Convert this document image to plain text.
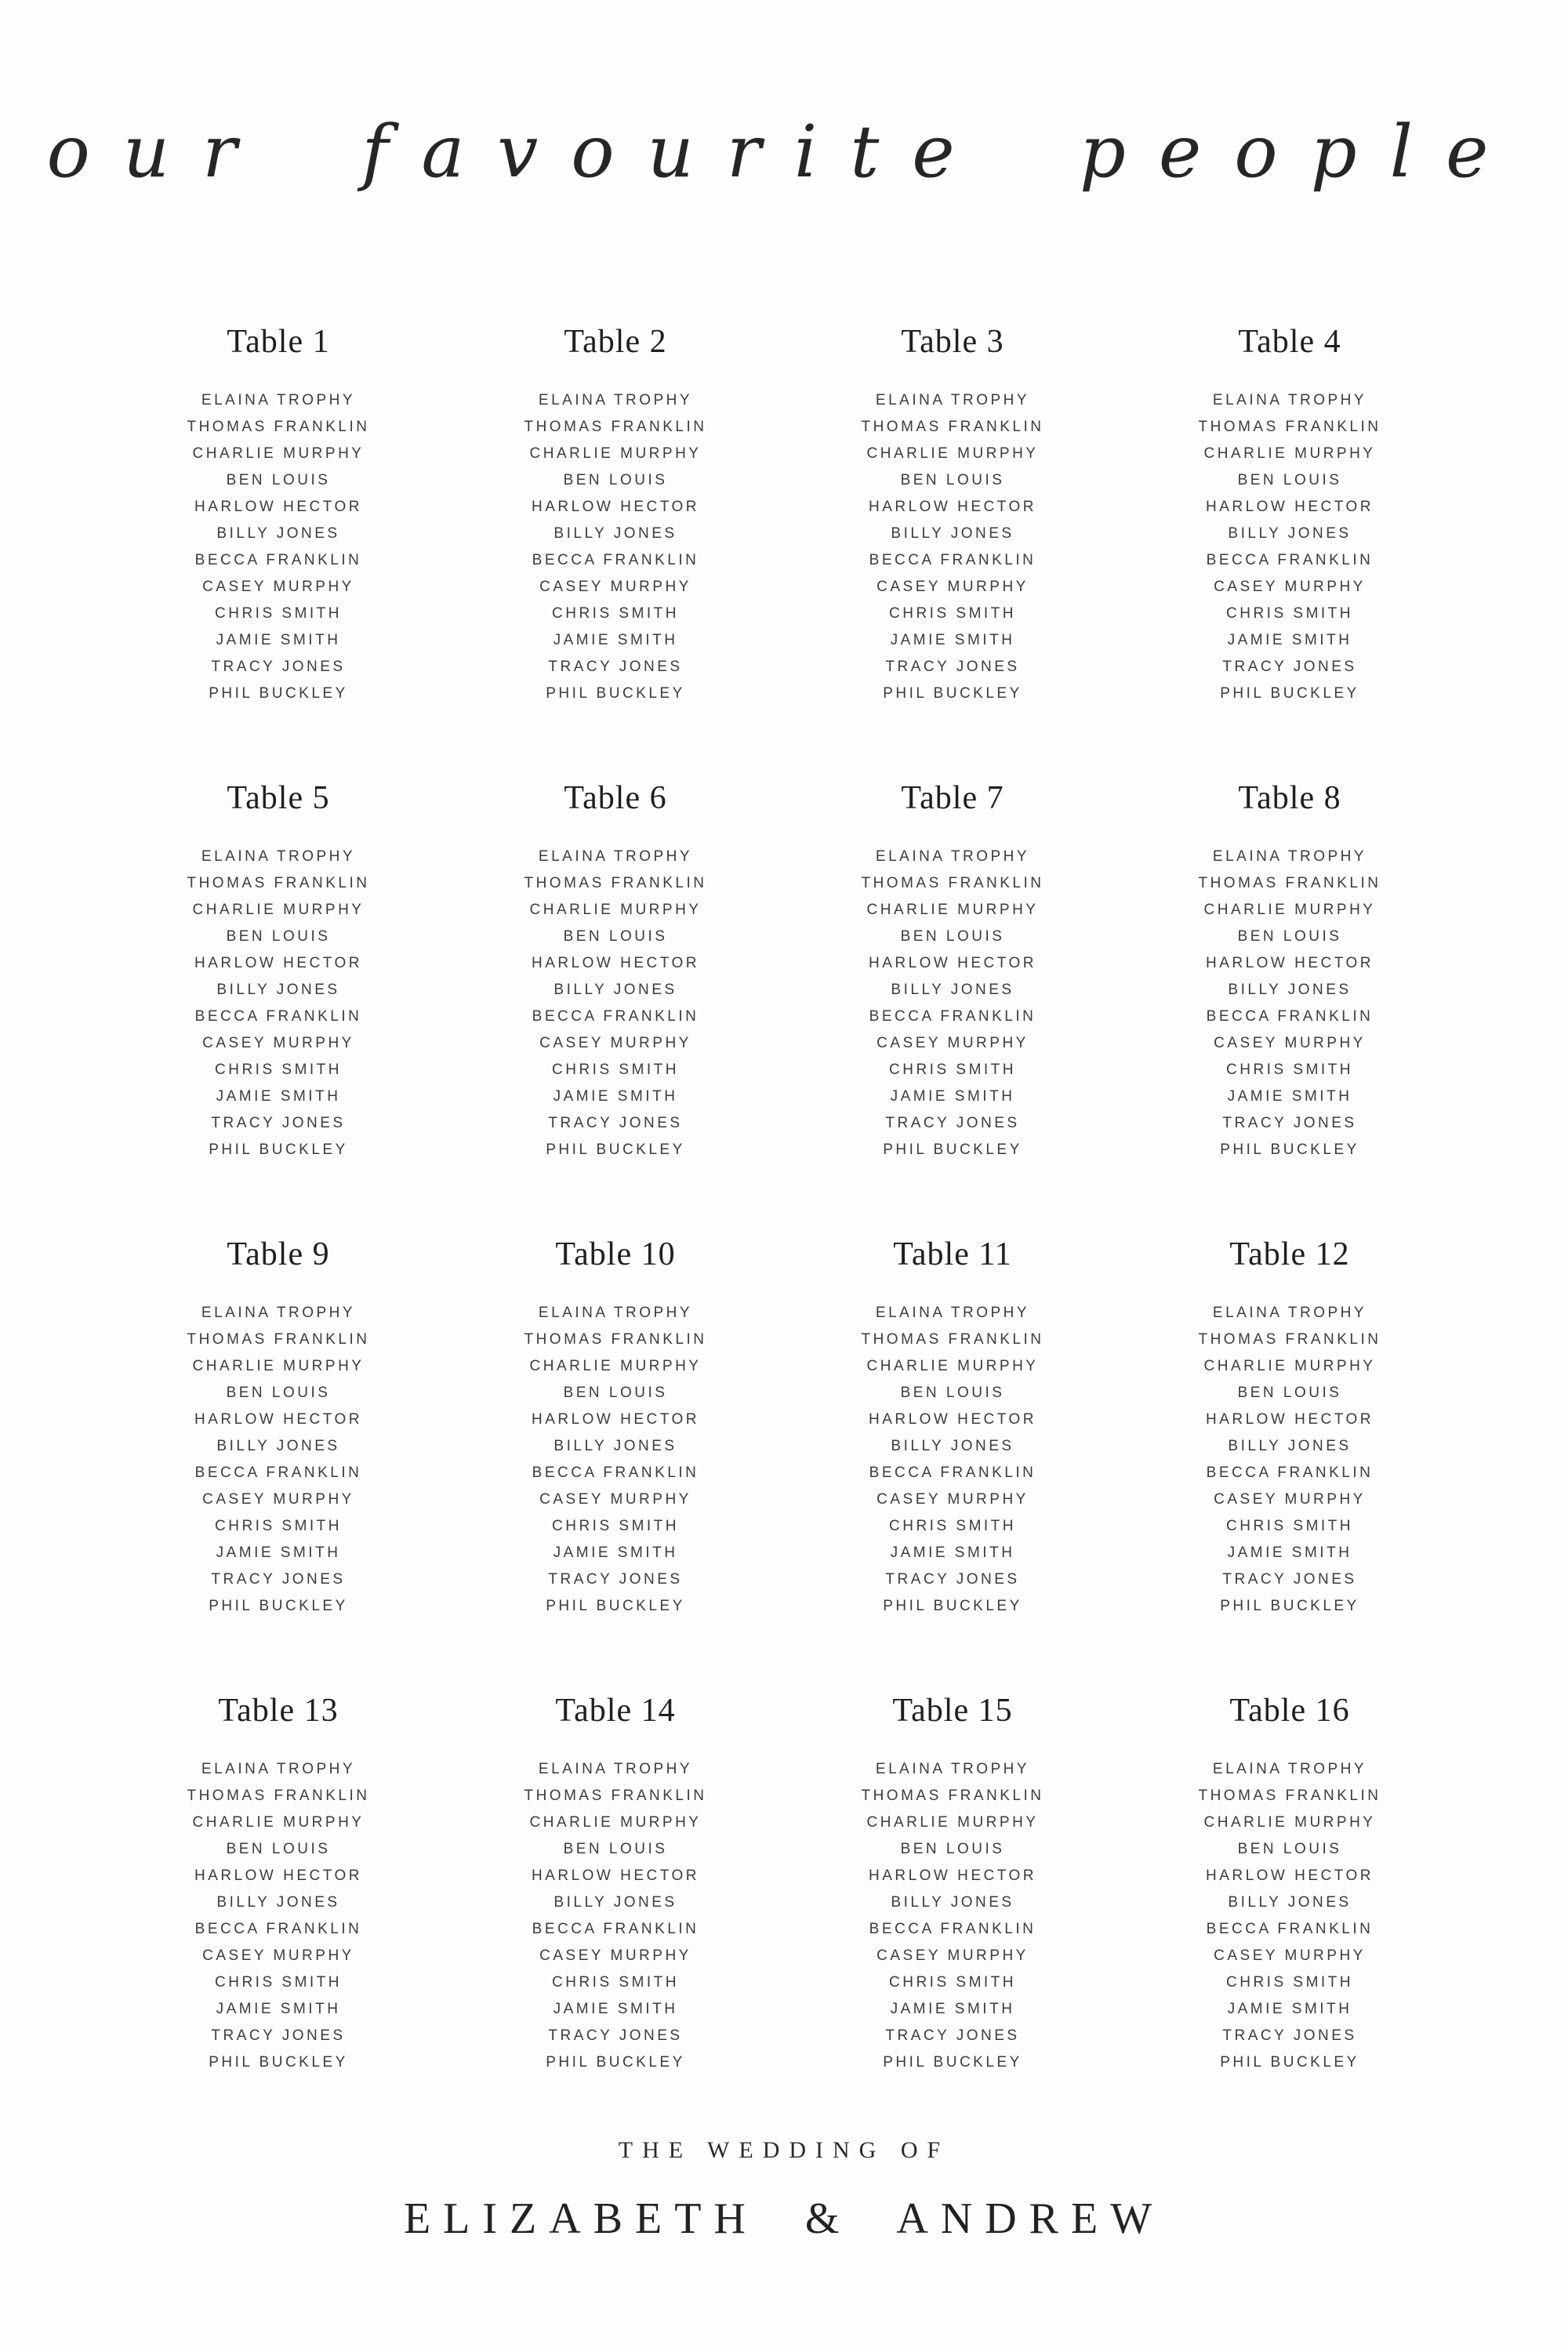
our favourite people
Table 1
ELAINA TROPHY
THOMAS FRANKLIN
CHARLIE MURPHY
BEN LOUIS
HARLOW HECTOR
BILLY JONES
BECCA FRANKLIN
CASEY MURPHY
CHRIS SMITH
JAMIE SMITH
TRACY JONES
PHIL BUCKLEY
Table 2
ELAINA TROPHY
THOMAS FRANKLIN
CHARLIE MURPHY
BEN LOUIS
HARLOW HECTOR
BILLY JONES
BECCA FRANKLIN
CASEY MURPHY
CHRIS SMITH
JAMIE SMITH
TRACY JONES
PHIL BUCKLEY
Table 3
ELAINA TROPHY
THOMAS FRANKLIN
CHARLIE MURPHY
BEN LOUIS
HARLOW HECTOR
BILLY JONES
BECCA FRANKLIN
CASEY MURPHY
CHRIS SMITH
JAMIE SMITH
TRACY JONES
PHIL BUCKLEY
Table 4
ELAINA TROPHY
THOMAS FRANKLIN
CHARLIE MURPHY
BEN LOUIS
HARLOW HECTOR
BILLY JONES
BECCA FRANKLIN
CASEY MURPHY
CHRIS SMITH
JAMIE SMITH
TRACY JONES
PHIL BUCKLEY
Table 5
ELAINA TROPHY
THOMAS FRANKLIN
CHARLIE MURPHY
BEN LOUIS
HARLOW HECTOR
BILLY JONES
BECCA FRANKLIN
CASEY MURPHY
CHRIS SMITH
JAMIE SMITH
TRACY JONES
PHIL BUCKLEY
Table 6
ELAINA TROPHY
THOMAS FRANKLIN
CHARLIE MURPHY
BEN LOUIS
HARLOW HECTOR
BILLY JONES
BECCA FRANKLIN
CASEY MURPHY
CHRIS SMITH
JAMIE SMITH
TRACY JONES
PHIL BUCKLEY
Table 7
ELAINA TROPHY
THOMAS FRANKLIN
CHARLIE MURPHY
BEN LOUIS
HARLOW HECTOR
BILLY JONES
BECCA FRANKLIN
CASEY MURPHY
CHRIS SMITH
JAMIE SMITH
TRACY JONES
PHIL BUCKLEY
Table 8
ELAINA TROPHY
THOMAS FRANKLIN
CHARLIE MURPHY
BEN LOUIS
HARLOW HECTOR
BILLY JONES
BECCA FRANKLIN
CASEY MURPHY
CHRIS SMITH
JAMIE SMITH
TRACY JONES
PHIL BUCKLEY
Table 9
ELAINA TROPHY
THOMAS FRANKLIN
CHARLIE MURPHY
BEN LOUIS
HARLOW HECTOR
BILLY JONES
BECCA FRANKLIN
CASEY MURPHY
CHRIS SMITH
JAMIE SMITH
TRACY JONES
PHIL BUCKLEY
Table 10
ELAINA TROPHY
THOMAS FRANKLIN
CHARLIE MURPHY
BEN LOUIS
HARLOW HECTOR
BILLY JONES
BECCA FRANKLIN
CASEY MURPHY
CHRIS SMITH
JAMIE SMITH
TRACY JONES
PHIL BUCKLEY
Table 11
ELAINA TROPHY
THOMAS FRANKLIN
CHARLIE MURPHY
BEN LOUIS
HARLOW HECTOR
BILLY JONES
BECCA FRANKLIN
CASEY MURPHY
CHRIS SMITH
JAMIE SMITH
TRACY JONES
PHIL BUCKLEY
Table 12
ELAINA TROPHY
THOMAS FRANKLIN
CHARLIE MURPHY
BEN LOUIS
HARLOW HECTOR
BILLY JONES
BECCA FRANKLIN
CASEY MURPHY
CHRIS SMITH
JAMIE SMITH
TRACY JONES
PHIL BUCKLEY
Table 13
ELAINA TROPHY
THOMAS FRANKLIN
CHARLIE MURPHY
BEN LOUIS
HARLOW HECTOR
BILLY JONES
BECCA FRANKLIN
CASEY MURPHY
CHRIS SMITH
JAMIE SMITH
TRACY JONES
PHIL BUCKLEY
Table 14
ELAINA TROPHY
THOMAS FRANKLIN
CHARLIE MURPHY
BEN LOUIS
HARLOW HECTOR
BILLY JONES
BECCA FRANKLIN
CASEY MURPHY
CHRIS SMITH
JAMIE SMITH
TRACY JONES
PHIL BUCKLEY
Table 15
ELAINA TROPHY
THOMAS FRANKLIN
CHARLIE MURPHY
BEN LOUIS
HARLOW HECTOR
BILLY JONES
BECCA FRANKLIN
CASEY MURPHY
CHRIS SMITH
JAMIE SMITH
TRACY JONES
PHIL BUCKLEY
Table 16
ELAINA TROPHY
THOMAS FRANKLIN
CHARLIE MURPHY
BEN LOUIS
HARLOW HECTOR
BILLY JONES
BECCA FRANKLIN
CASEY MURPHY
CHRIS SMITH
JAMIE SMITH
TRACY JONES
PHIL BUCKLEY
THE WEDDING OF
ELIZABETH & ANDREW
